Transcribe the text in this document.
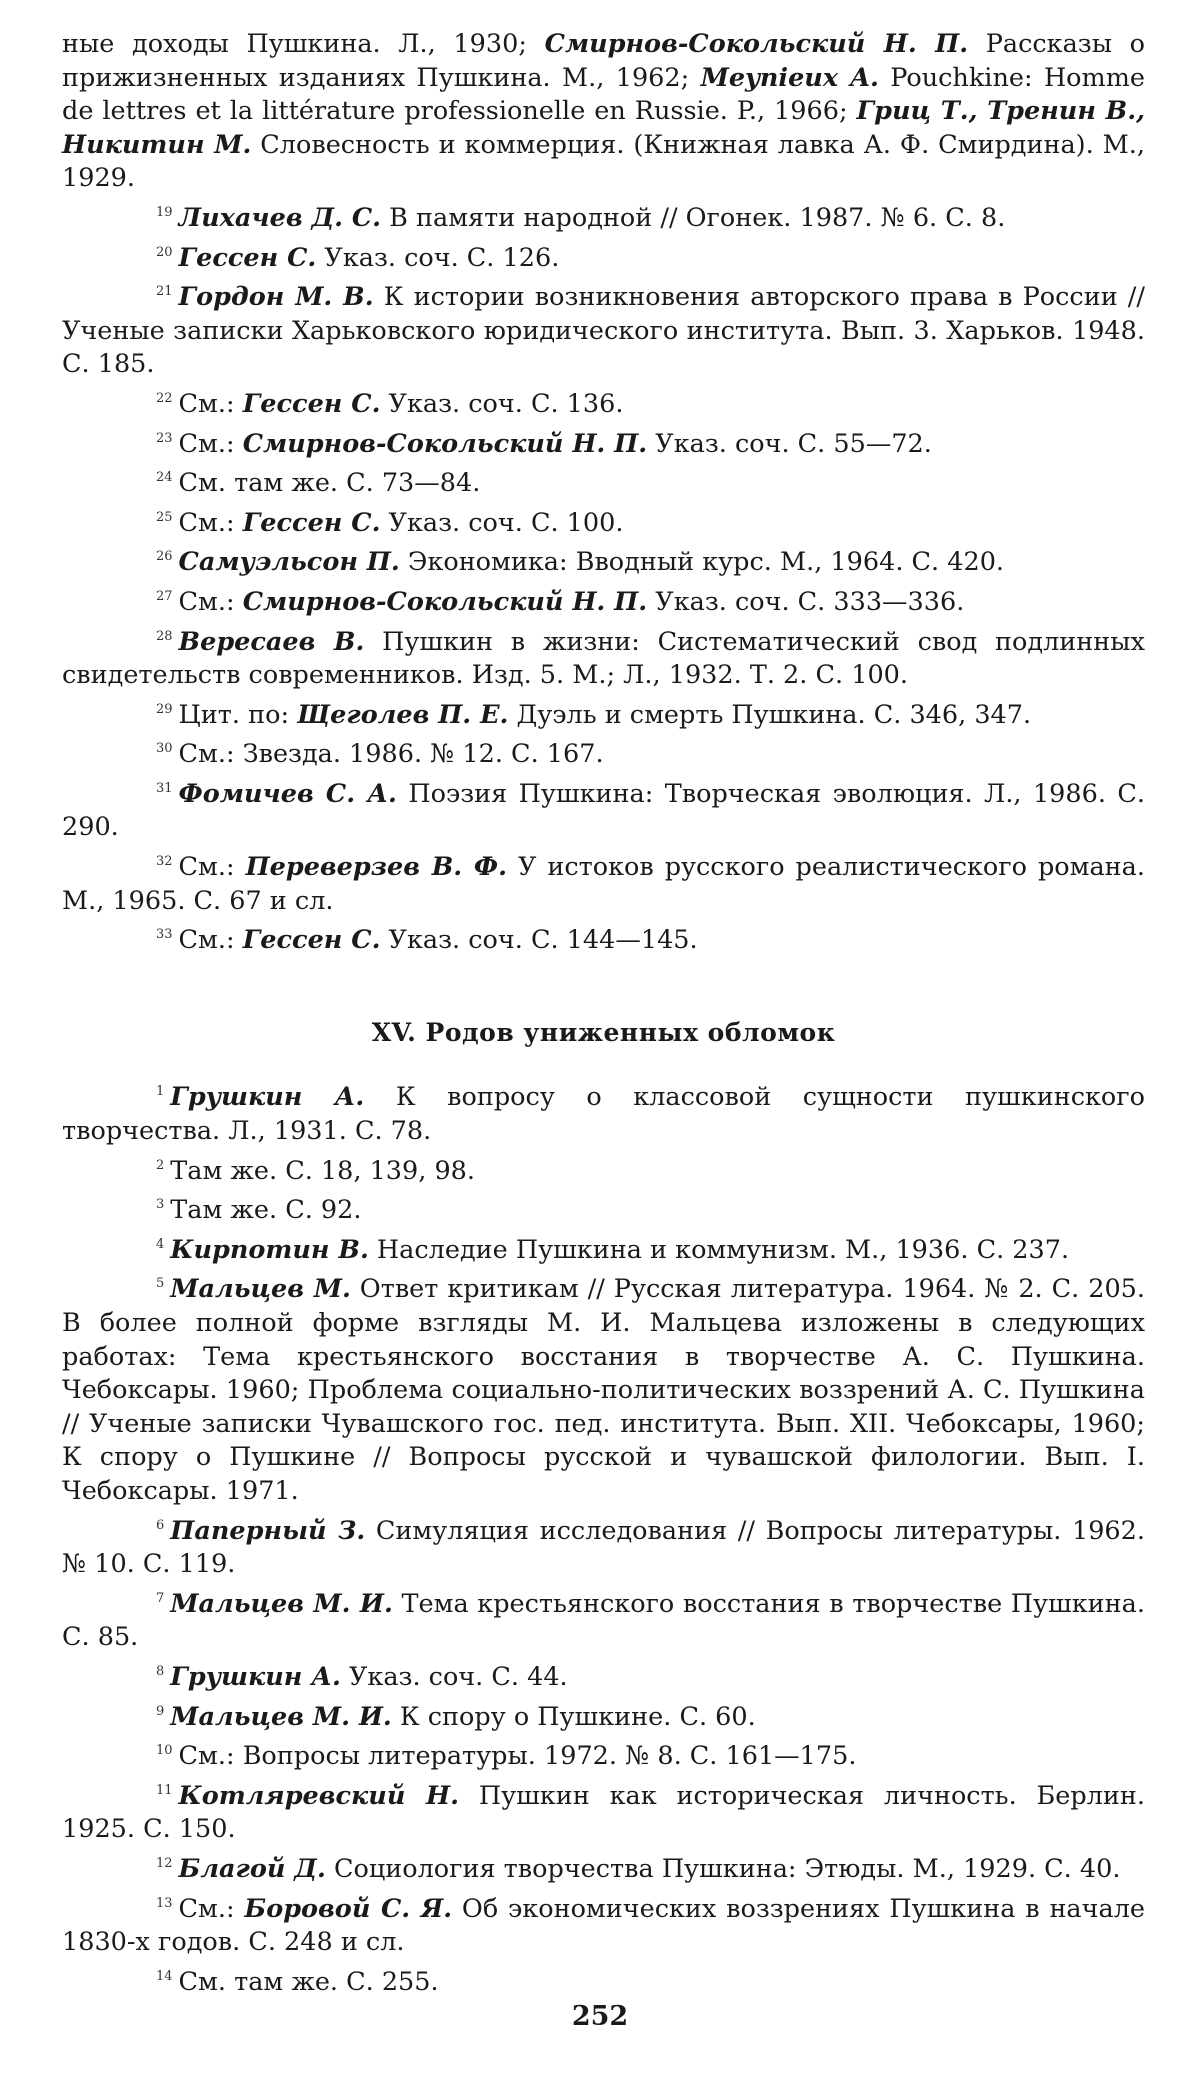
ные доходы Пушкина. Л., 1930; Смирнов-Сокольский Н. П. Рассказы о прижизненных изданиях Пушкина. М., 1962; Meynieux A. Pouchkine: Homme de lettres et la littérature professionelle en Russie. P., 1966; Гриц Т., Тренин В., Никитин М. Словесность и коммерция. (Книжная лавка А. Ф. Смирдина). М., 1929.

$^{19}$ Лихачев Д. С. В памяти народной // Огонек. 1987. № 6. С. 8.

$^{20}$ Гессен С. Указ. соч. С. 126.

$^{21}$ Гордон М. В. К истории возникновения авторского права в России // Ученые записки Харьковского юридического института. Вып. 3. Харьков. 1948. С. 185.

$^{22}$ См.: Гессен С. Указ. соч. С. 136.

$^{23}$ См.: Смирнов-Сокольский Н. П. Указ. соч. С. 55—72.

$^{24}$ См. там же. С. 73—84.

$^{25}$ См.: Гессен С. Указ. соч. С. 100.

$^{26}$ Самуэльсон П. Экономика: Вводный курс. М., 1964. С. 420.

$^{27}$ См.: Смирнов-Сокольский Н. П. Указ. соч. С. 333—336.

$^{28}$ Вересаев В. Пушкин в жизни: Систематический свод подлинных свидетельств современников. Изд. 5. М.; Л., 1932. Т. 2. С. 100.

$^{29}$ Цит. по: Щеголев П. Е. Дуэль и смерть Пушкина. С. 346, 347.

$^{30}$ См.: Звезда. 1986. № 12. С. 167.

$^{31}$ Фомичев С. А. Поэзия Пушкина: Творческая эволюция. Л., 1986. С. 290.

$^{32}$ См.: Переверзев В. Ф. У истоков русского реалистического романа. М., 1965. С. 67 и сл.

$^{33}$ См.: Гессен С. Указ. соч. С. 144—145.

XV. Родов униженных обломок

$^1$ Грушкин А. К вопросу о классовой сущности пушкинского творчества. Л., 1931. С. 78.

$^2$ Там же. С. 18, 139, 98.

$^3$ Там же. С. 92.

$^4$ Кирпотин В. Наследие Пушкина и коммунизм. М., 1936. С. 237.

$^5$ Мальцев М. Ответ критикам // Русская литература. 1964. № 2. С. 205. В более полной форме взгляды М. И. Мальцева изложены в следующих работах: Тема крестьянского восстания в творчестве А. С. Пушкина. Чебоксары. 1960; Проблема социально-политических воззрений А. С. Пушкина // Ученые записки Чувашского гос. пед. института. Вып. XII. Чебоксары, 1960; К спору о Пушкине // Вопросы русской и чувашской филологии. Вып. I. Чебоксары. 1971.

$^6$ Паперный З. Симуляция исследования // Вопросы литературы. 1962. № 10. С. 119.

$^7$ Мальцев М. И. Тема крестьянского восстания в творчестве Пушкина. С. 85.

$^8$ Грушкин А. Указ. соч. С. 44.

$^9$ Мальцев М. И. К спору о Пушкине. С. 60.

$^{10}$ См.: Вопросы литературы. 1972. № 8. С. 161—175.

$^{11}$ Котляревский Н. Пушкин как историческая личность. Берлин. 1925. С. 150.

$^{12}$ Благой Д. Социология творчества Пушкина: Этюды. М., 1929. С. 40.

$^{13}$ См.: Боровой С. Я. Об экономических воззрениях Пушкина в начале 1830-х годов. С. 248 и сл.

$^{14}$ См. там же. С. 255.

252
